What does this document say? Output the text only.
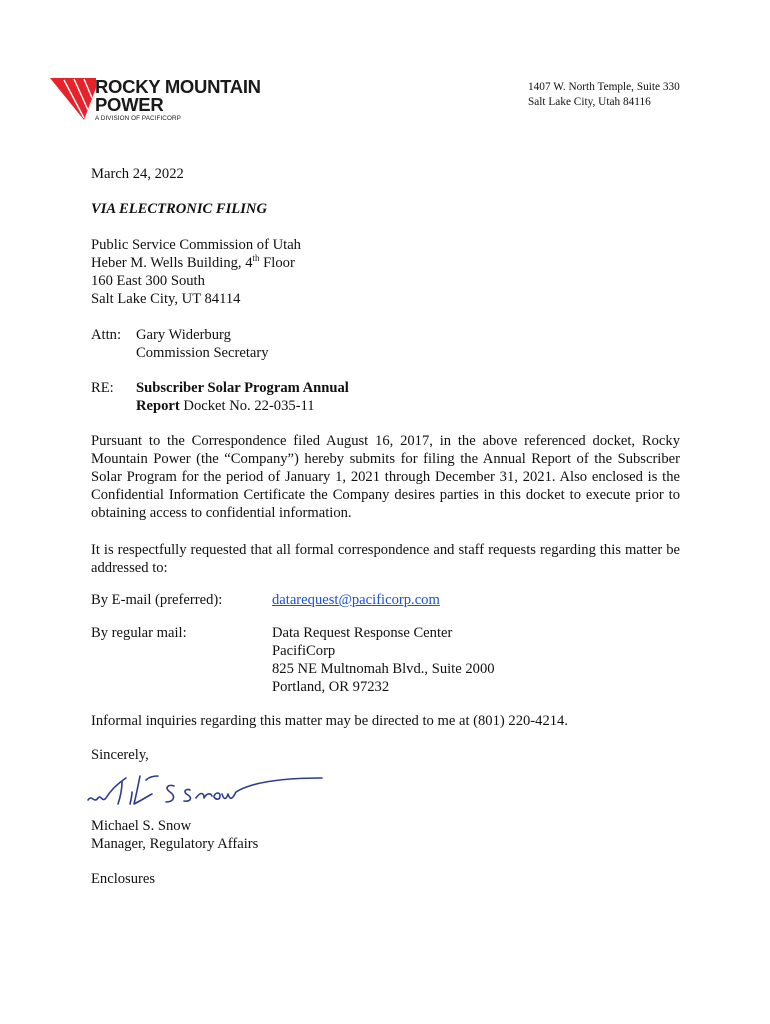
ROCKY MOUNTAIN
POWER
A DIVISION OF PACIFICORP
1407 W. North Temple, Suite 330
Salt Lake City, Utah 84116
March 24, 2022
VIA ELECTRONIC FILING
Public Service Commission of Utah
Heber M. Wells Building, 4th Floor
160 East 300 South
Salt Lake City, UT 84114
Attn: Gary Widerburg
Commission Secretary
RE: Subscriber Solar Program Annual
Report Docket No. 22-035-11
Pursuant to the Correspondence filed August 16, 2017, in the above referenced docket, Rocky Mountain Power (the “Company”) hereby submits for filing the Annual Report of the Subscriber Solar Program for the period of January 1, 2021 through December 31, 2021. Also enclosed is the Confidential Information Certificate the Company desires parties in this docket to execute prior to obtaining access to confidential information.
It is respectfully requested that all formal correspondence and staff requests regarding this matter be addressed to:
By E-mail (preferred):	datarequest@pacificorp.com
By regular mail:	Data Request Response Center
PacifiCorp
825 NE Multnomah Blvd., Suite 2000
Portland, OR 97232
Informal inquiries regarding this matter may be directed to me at (801) 220-4214.
Sincerely,
Michael S. Snow
Manager, Regulatory Affairs
Enclosures
